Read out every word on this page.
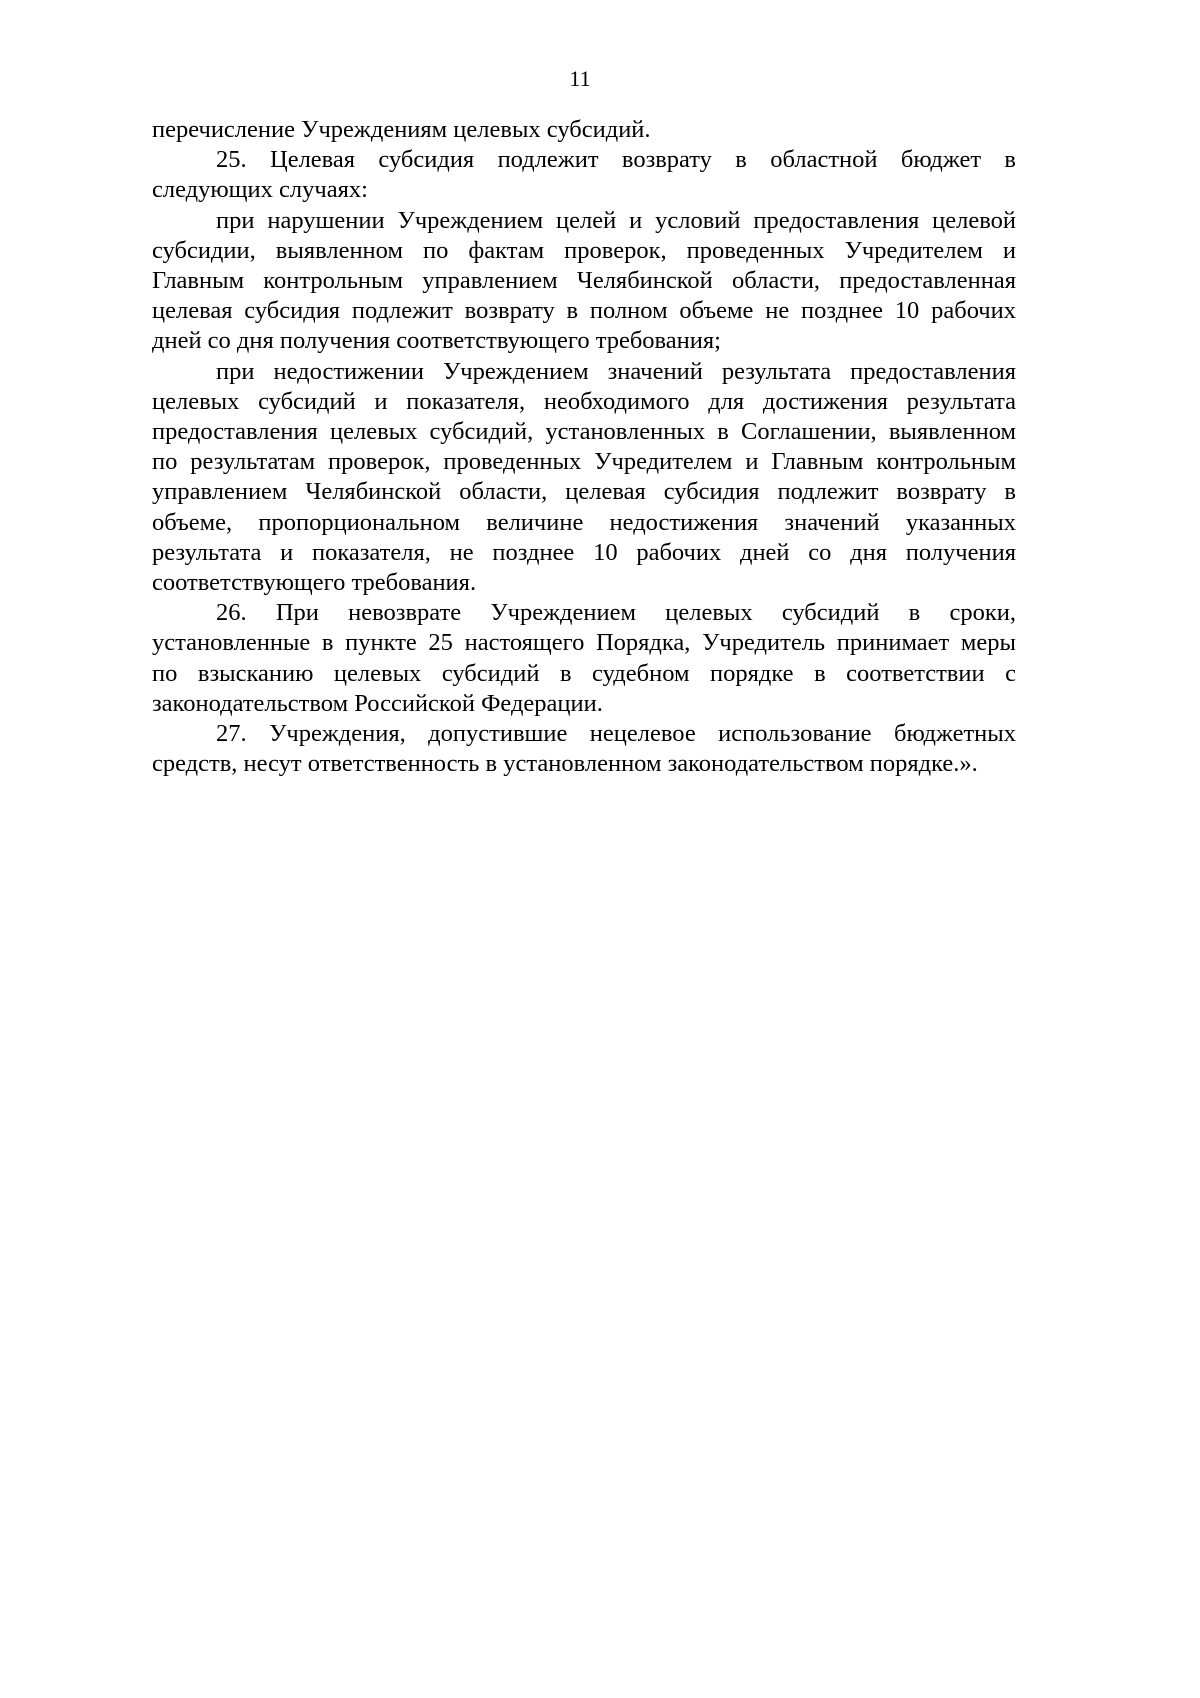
11
перечисление Учреждениям целевых субсидий.
25. Целевая субсидия подлежит возврату в областной бюджет в
следующих случаях:
при нарушении Учреждением целей и условий предоставления целевой
субсидии, выявленном по фактам проверок, проведенных Учредителем и
Главным контрольным управлением Челябинской области, предоставленная
целевая субсидия подлежит возврату в полном объеме не позднее 10 рабочих
дней со дня получения соответствующего требования;
при недостижении Учреждением значений результата предоставления
целевых субсидий и показателя, необходимого для достижения результата
предоставления целевых субсидий, установленных в Соглашении, выявленном
по результатам проверок, проведенных Учредителем и Главным контрольным
управлением Челябинской области, целевая субсидия подлежит возврату в
объеме, пропорциональном величине недостижения значений указанных
результата и показателя, не позднее 10 рабочих дней со дня получения
соответствующего требования.
26. При невозврате Учреждением целевых субсидий в сроки,
установленные в пункте 25 настоящего Порядка, Учредитель принимает меры
по взысканию целевых субсидий в судебном порядке в соответствии с
законодательством Российской Федерации.
27. Учреждения, допустившие нецелевое использование бюджетных
средств, несут ответственность в установленном законодательством порядке.».
